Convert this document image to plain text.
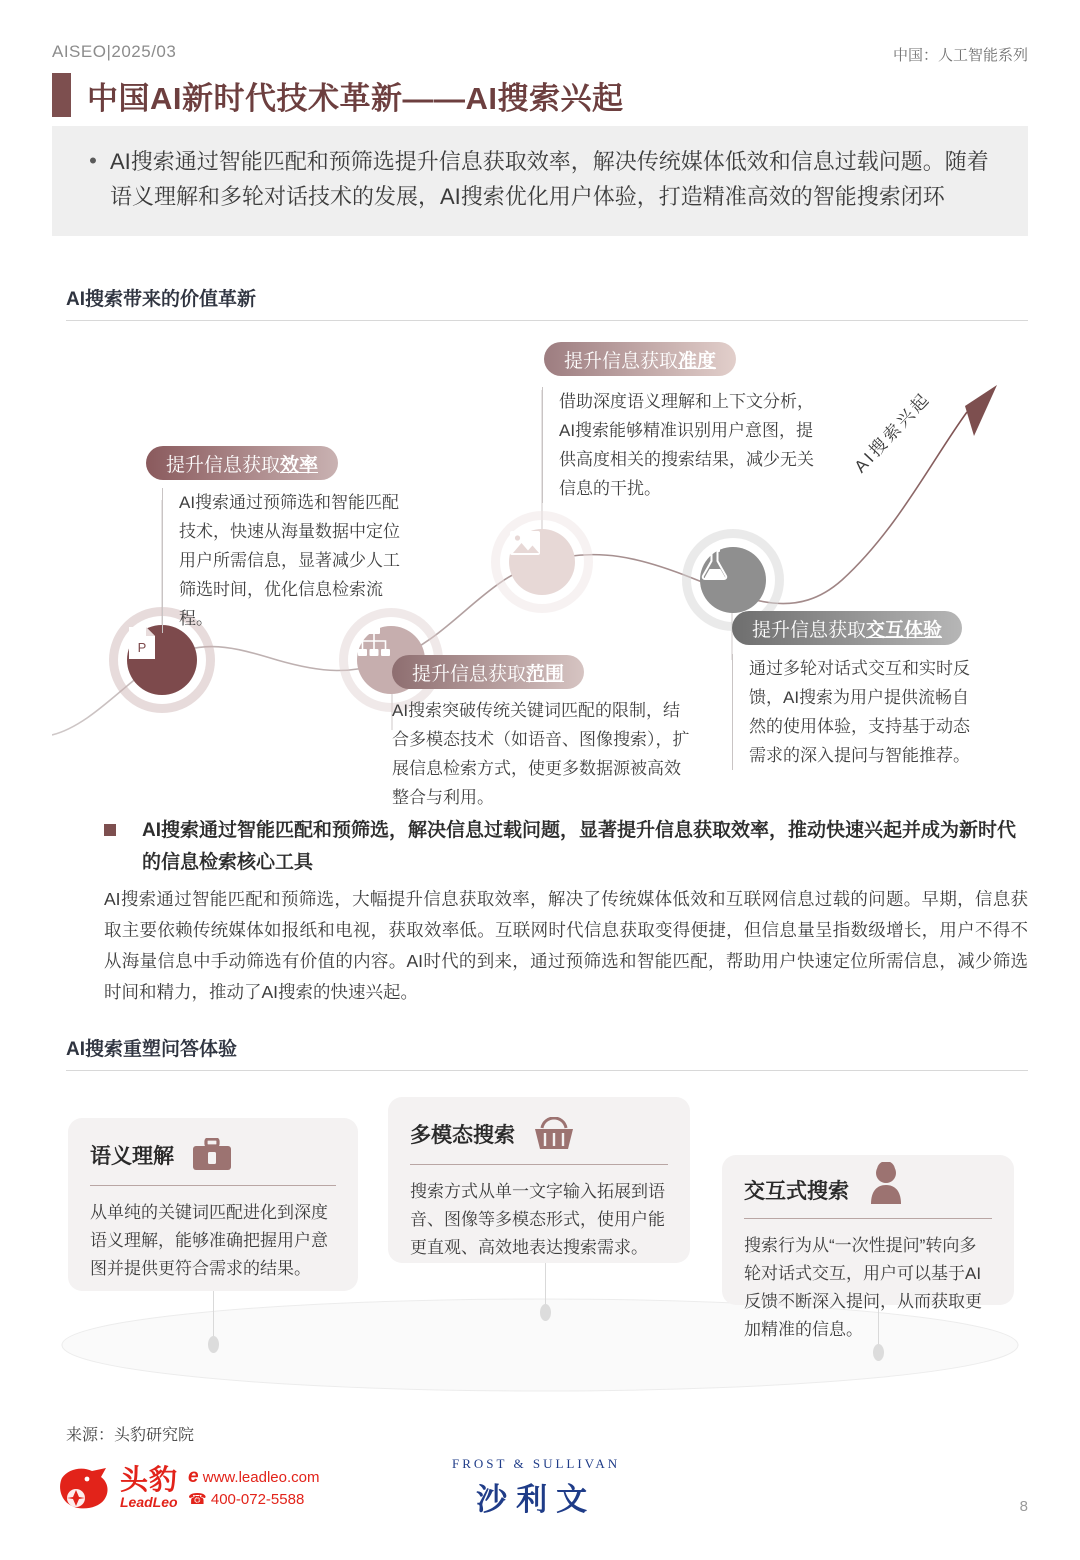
AISEO|2025/03	中国：人工智能系列
中国AI新时代技术革新——AI搜索兴起
• AI搜索通过智能匹配和预筛选提升信息获取效率，解决传统媒体低效和信息过载问题。随着语义理解和多轮对话技术的发展，AI搜索优化用户体验，打造精准高效的智能搜索闭环
AI搜索带来的价值革新
AI搜索兴起
P
提升信息获取 效率
AI搜索通过预筛选和智能匹配技术，快速从海量数据中定位用户所需信息，显著减少人工筛选时间，优化信息检索流程。
提升信息获取 准度
借助深度语义理解和上下文分析，AI搜索能够精准识别用户意图，提供高度相关的搜索结果，减少无关信息的干扰。
提升信息获取 范围
AI搜索突破传统关键词匹配的限制，结合多模态技术（如语音、图像搜索），扩展信息检索方式，使更多数据源被高效整合与利用。
提升信息获取 交互体验
通过多轮对话式交互和实时反馈，AI搜索为用户提供流畅自然的使用体验，支持基于动态需求的深入提问与智能推荐。
AI搜索通过智能匹配和预筛选，解决信息过载问题，显著提升信息获取效率，推动快速兴起并成为新时代的信息检索核心工具
AI搜索通过智能匹配和预筛选，大幅提升信息获取效率，解决了传统媒体低效和互联网信息过载的问题。早期，信息获取主要依赖传统媒体如报纸和电视，获取效率低。互联网时代信息获取变得便捷，但信息量呈指数级增长，用户不得不从海量信息中手动筛选有价值的内容。AI时代的到来，通过预筛选和智能匹配，帮助用户快速定位所需信息，减少筛选时间和精力，推动了AI搜索的快速兴起。
AI搜索重塑问答体验
语义理解
从单纯的关键词匹配进化到深度语义理解，能够准确把握用户意图并提供更符合需求的结果。
多模态搜索
搜索方式从单一文字输入拓展到语音、图像等多模态形式，使用户能更直观、高效地表达搜索需求。
交互式搜索
搜索行为从“一次性提问”转向多轮对话式交互，用户可以基于AI反馈不断深入提问，从而获取更加精准的信息。
来源：头豹研究院
头豹
LeadLeo
e www.leadleo.com
☎ 400-072-5588
FROST & SULLIVAN
沙利文	8
